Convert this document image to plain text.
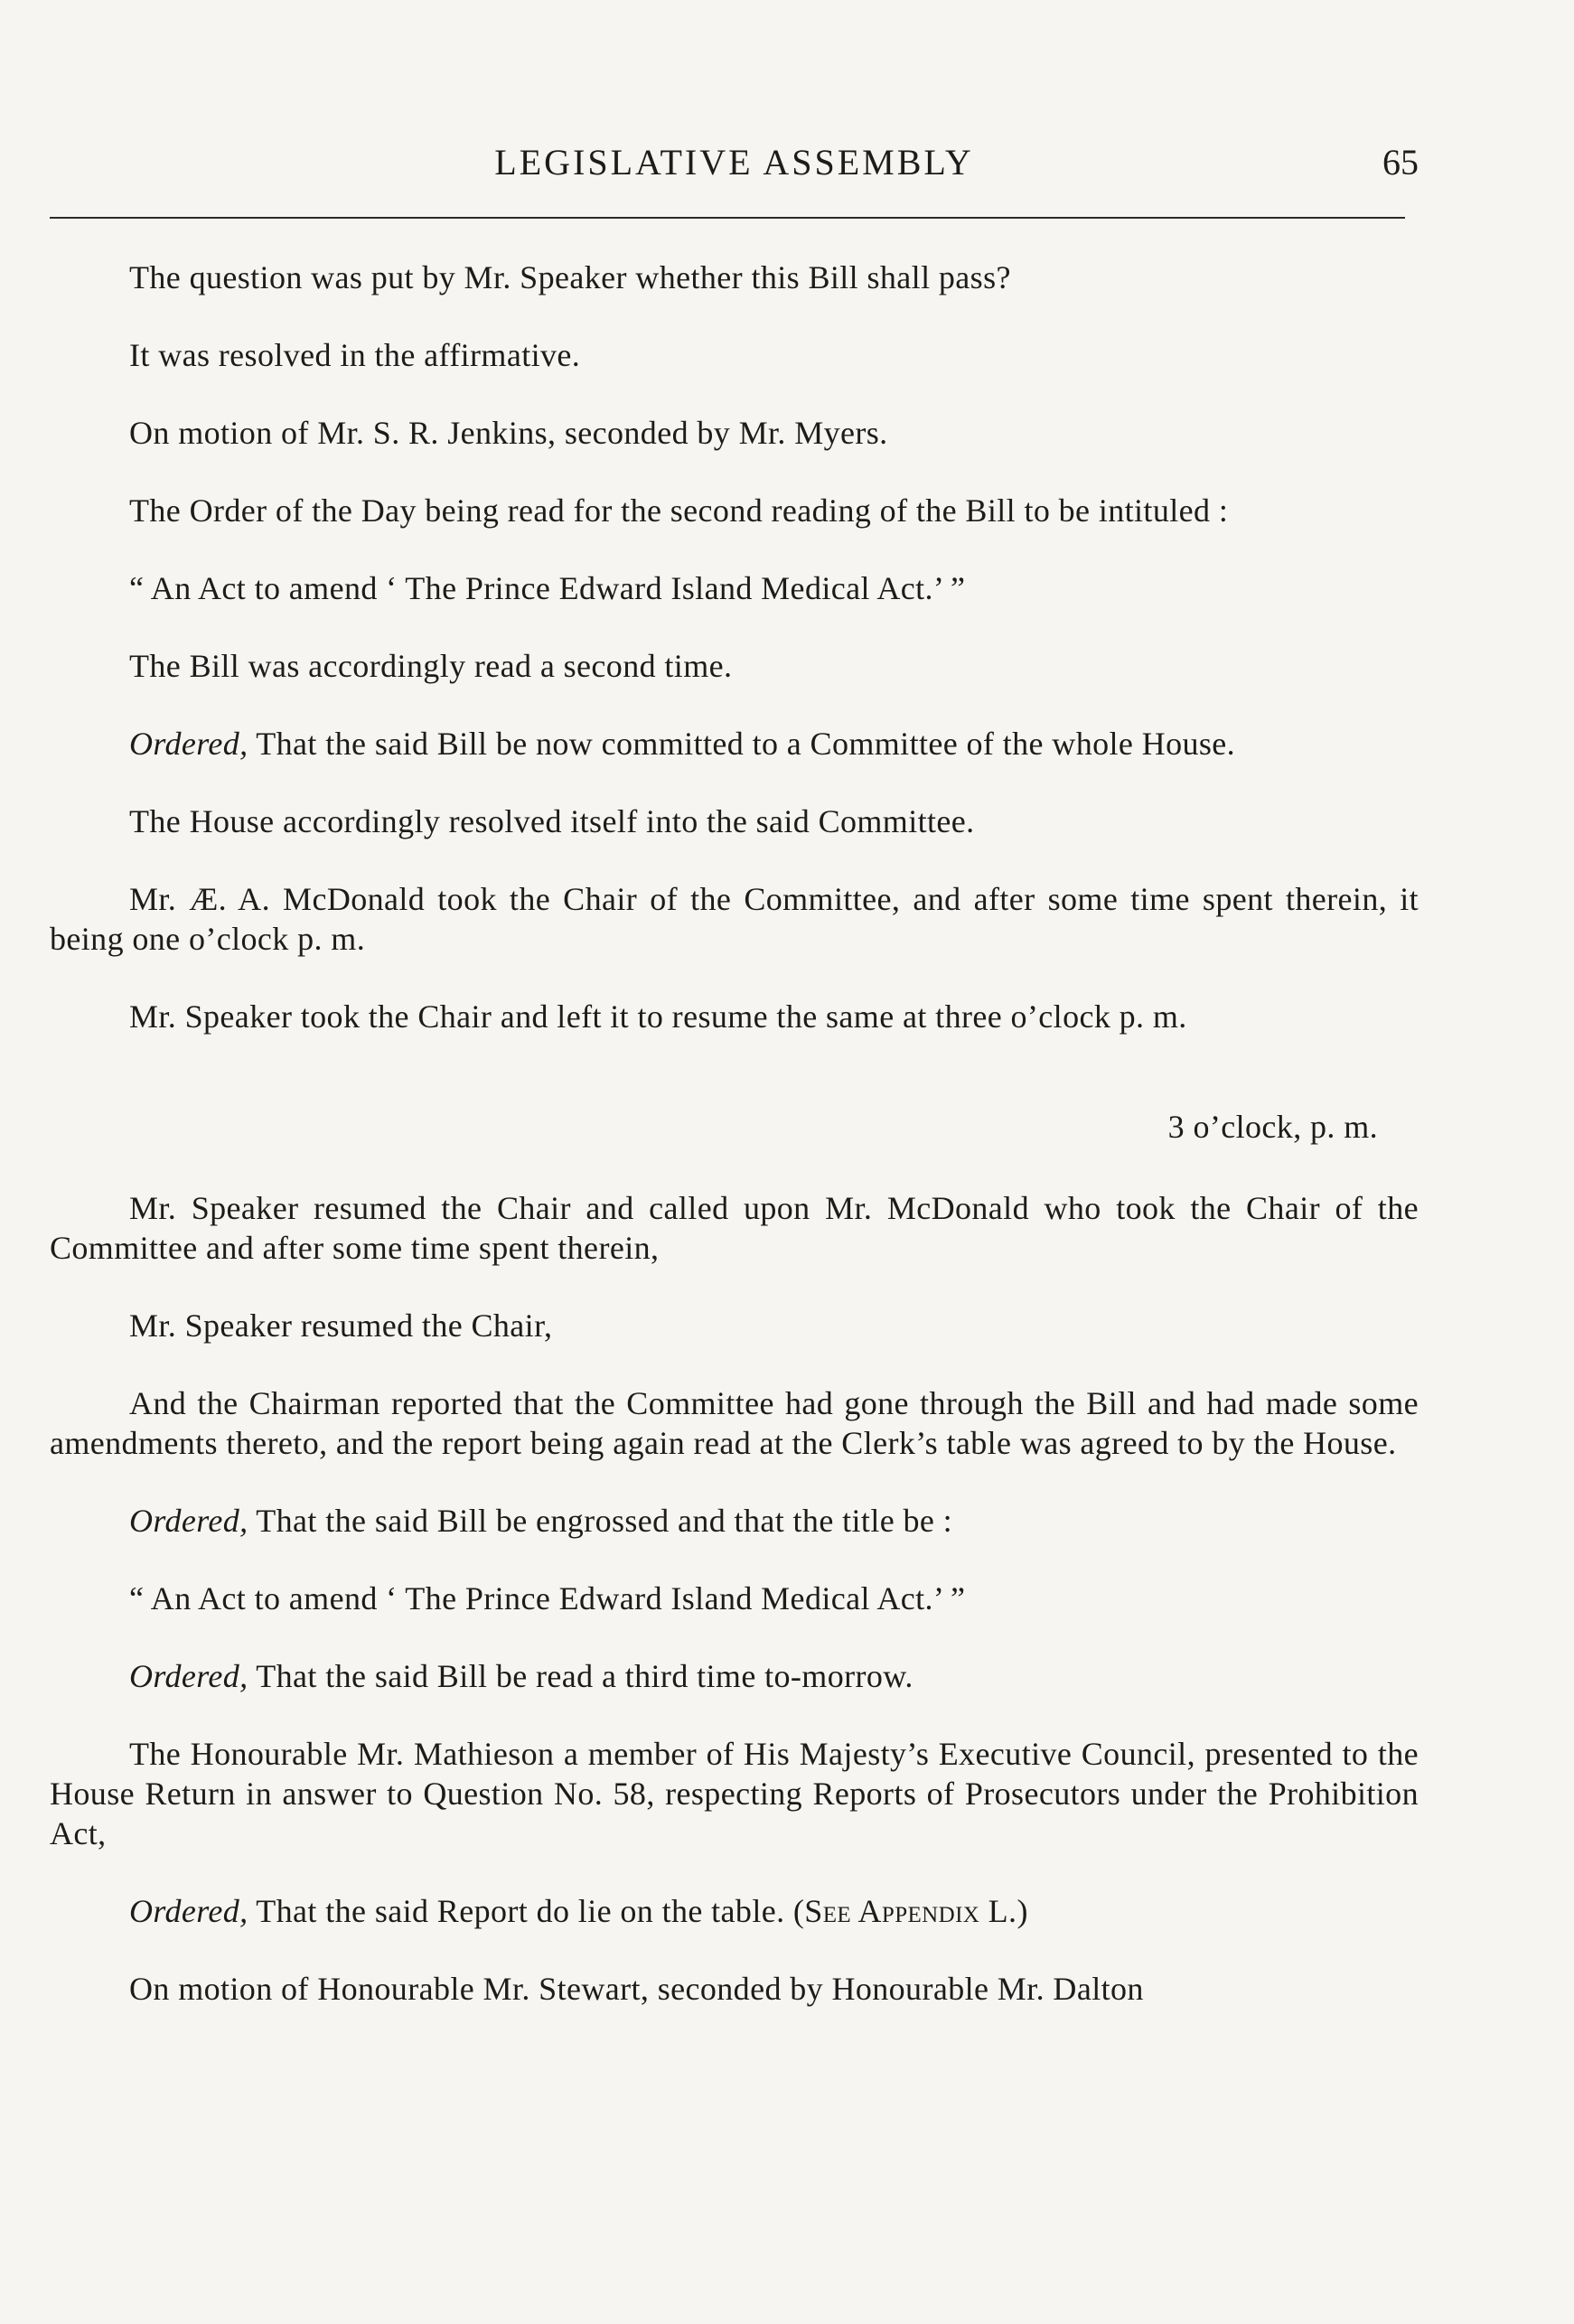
LEGISLATIVE ASSEMBLY	65

The question was put by Mr. Speaker whether this Bill shall pass?

It was resolved in the affirmative.

On motion of Mr. S. R. Jenkins, seconded by Mr. Myers.

The Order of the Day being read for the second reading of the Bill to be intituled :

“ An Act to amend ‘ The Prince Edward Island Medical Act.’ ”

The Bill was accordingly read a second time.

Ordered, That the said Bill be now committed to a Committee of the whole House.

The House accordingly resolved itself into the said Committee.

Mr. Æ. A. McDonald took the Chair of the Committee, and after some time spent therein, it being one o’clock p. m.

Mr. Speaker took the Chair and left it to resume the same at three o’clock p. m.

3 o’clock, p. m.

Mr. Speaker resumed the Chair and called upon Mr. McDonald who took the Chair of the Committee and after some time spent therein,

Mr. Speaker resumed the Chair,

And the Chairman reported that the Committee had gone through the Bill and had made some amendments thereto, and the report being again read at the Clerk’s table was agreed to by the House.

Ordered, That the said Bill be engrossed and that the title be :

“ An Act to amend ‘ The Prince Edward Island Medical Act.’ ”

Ordered, That the said Bill be read a third time to-morrow.

The Honourable Mr. Mathieson a member of His Majesty’s Executive Council, presented to the House Return in answer to Question No. 58, respecting Reports of Prosecutors under the Prohibition Act,

Ordered, That the said Report do lie on the table. (See Appendix L.)

On motion of Honourable Mr. Stewart, seconded by Honourable Mr. Dalton
